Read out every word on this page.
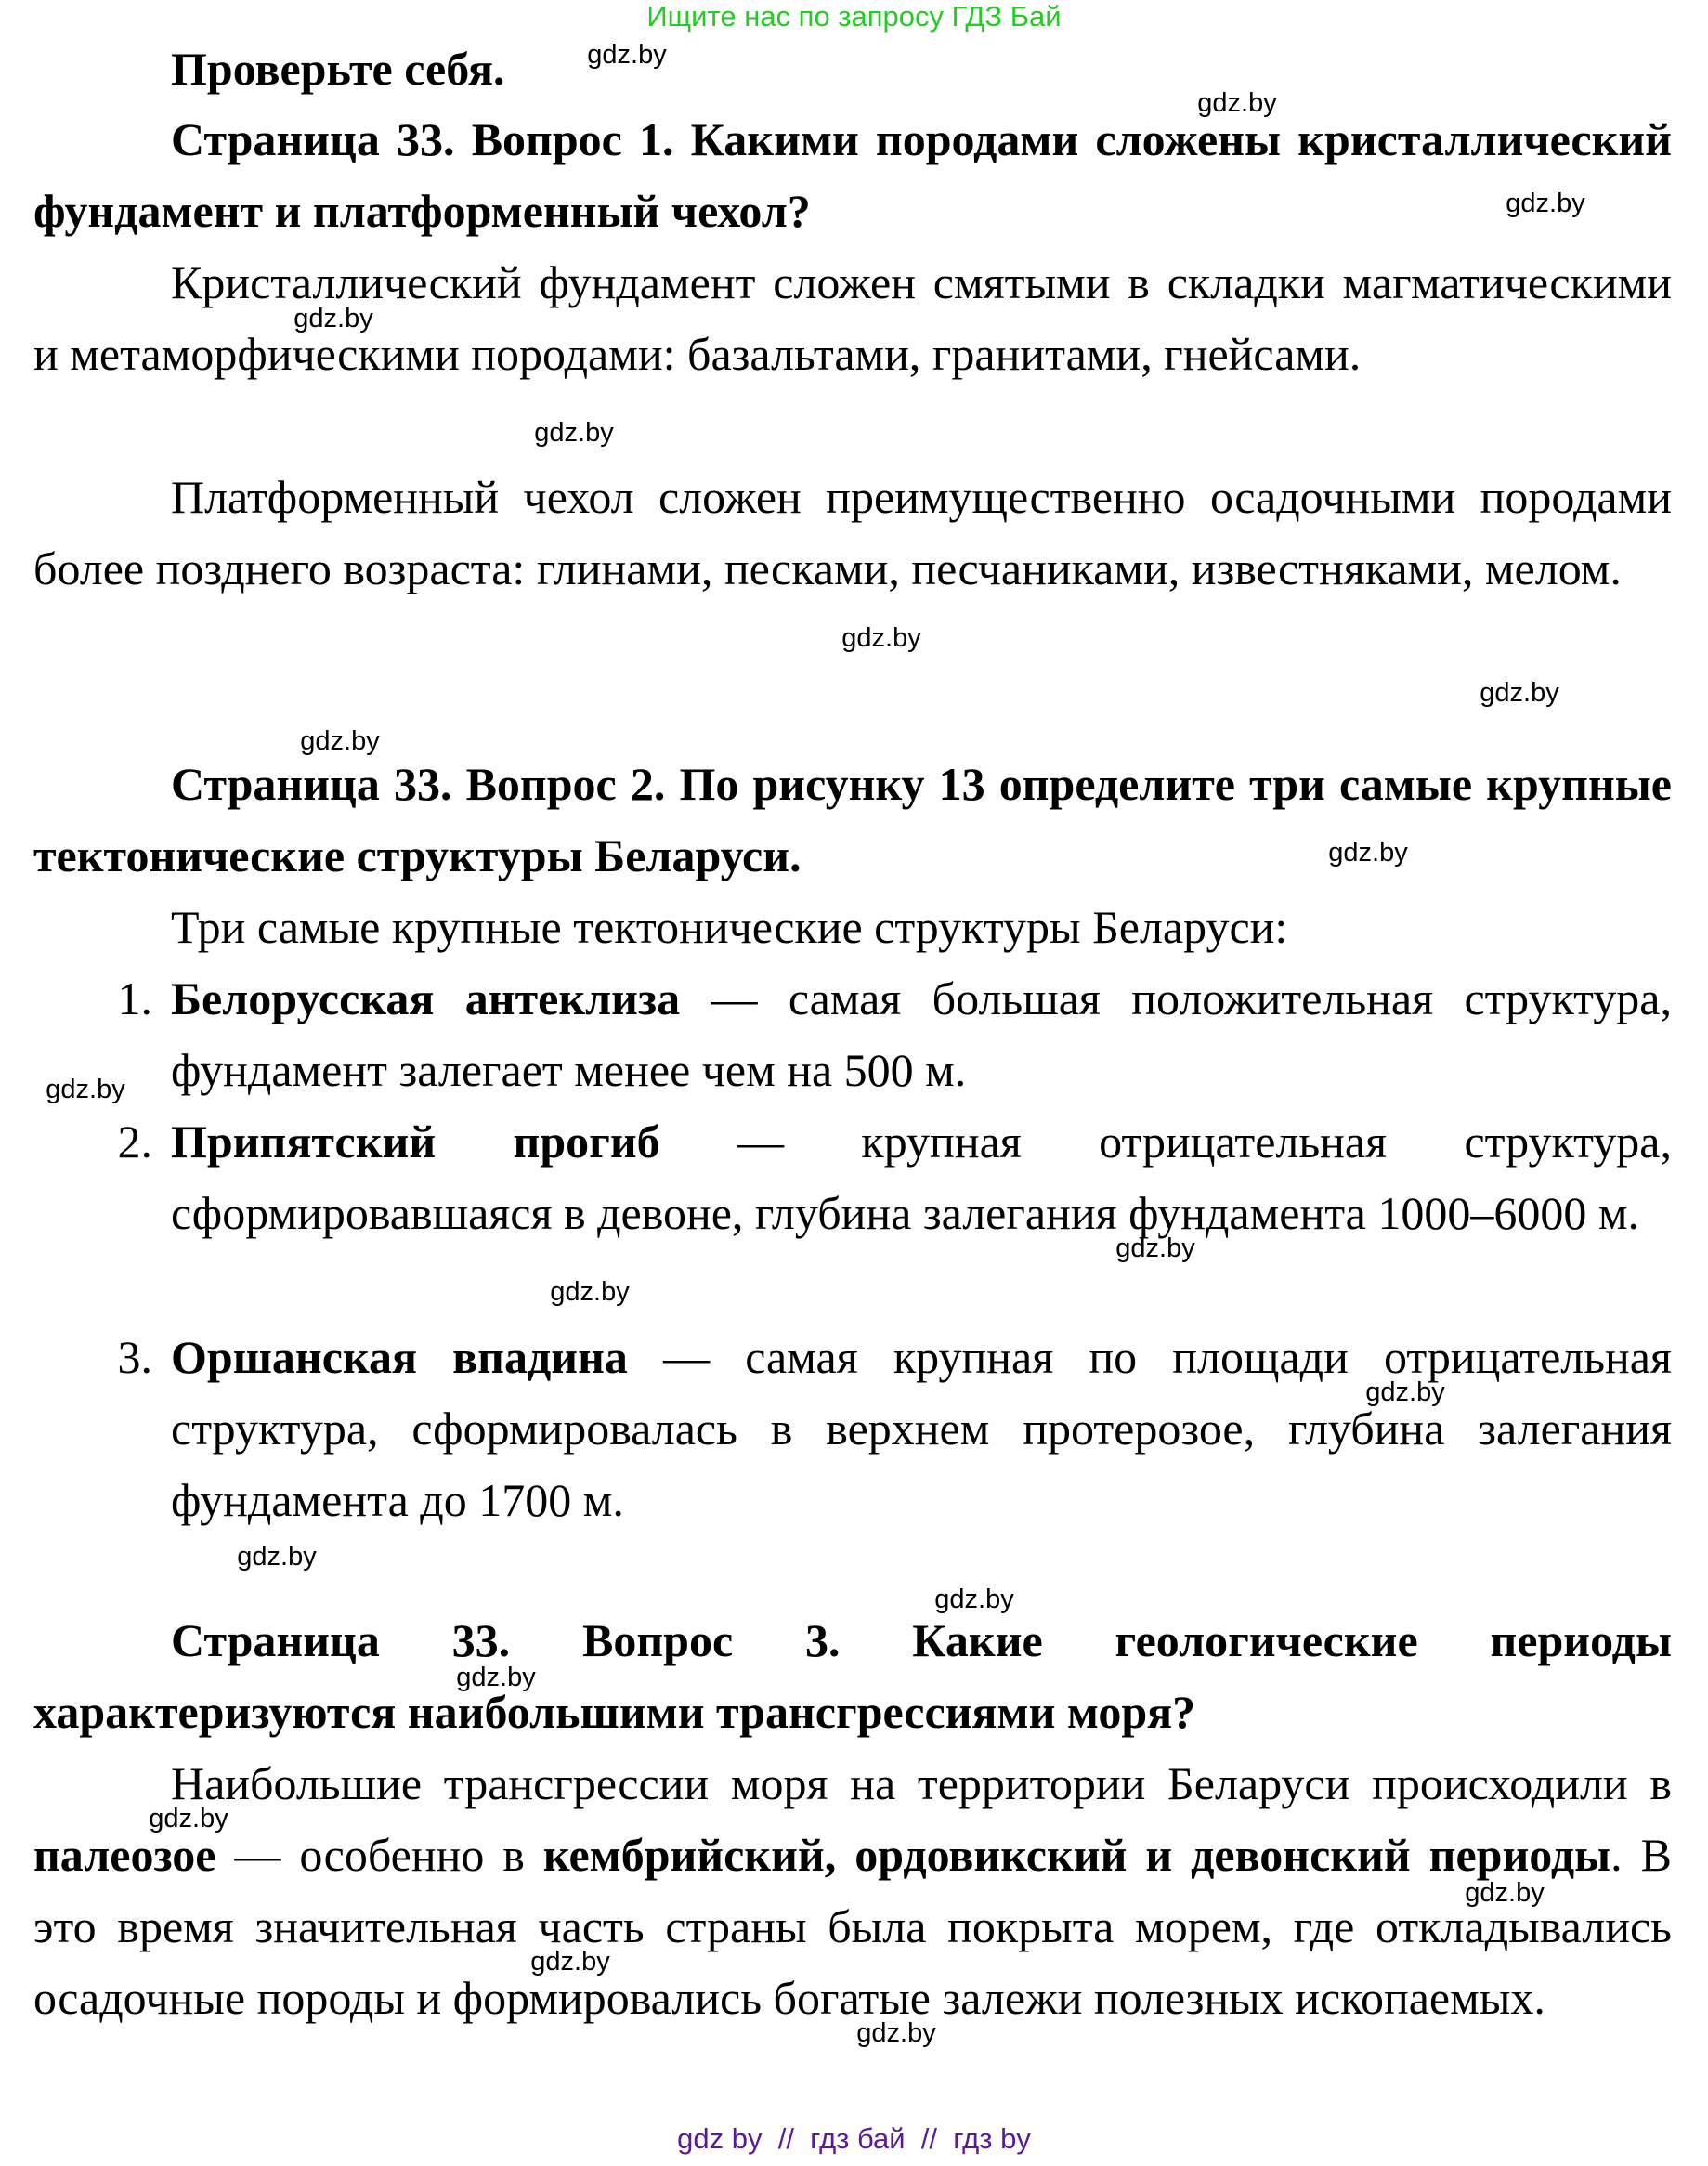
Ищите нас по запросу ГДЗ Бай
Проверьте себя.
Страница 33. Вопрос 1. Какими породами сложены кристаллический фундамент и платформенный чехол?
Кристаллический фундамент сложен смятыми в складки магматическими и метаморфическими породами: базальтами, гранитами, гнейсами.
Платформенный чехол сложен преимущественно осадочными породами более позднего возраста: глинами, песками, песчаниками, известняками, мелом.
Страница 33. Вопрос 2. По рисунку 13 определите три самые крупные тектонические структуры Беларуси.
Три самые крупные тектонические структуры Беларуси:
1. Белорусская антеклиза — самая большая положительная структура, фундамент залегает менее чем на 500 м.
2. Припятский прогиб — крупная отрицательная структура, сформировавшаяся в девоне, глубина залегания фундамента 1000–6000 м.
3. Оршанская впадина — самая крупная по площади отрицательная структура, сформировалась в верхнем протерозое, глубина залегания фундамента до 1700 м.
Страница 33. Вопрос 3. Какие геологические периоды характеризуются наибольшими трансгрессиями моря?
Наибольшие трансгрессии моря на территории Беларуси происходили в палеозое — особенно в кембрийский, ордовикский и девонский периоды. В это время значительная часть страны была покрыта морем, где откладывались осадочные породы и формировались богатые залежи полезных ископаемых.
gdz.by
gdz.by
gdz.by
gdz.by
gdz.by
gdz.by
gdz.by
gdz.by
gdz.by
gdz.by
gdz.by
gdz.by
gdz.by
gdz.by
gdz.by
gdz.by
gdz.by
gdz.by
gdz.by
gdz.by
gdz by  //  гдз бай  //  гдз by
